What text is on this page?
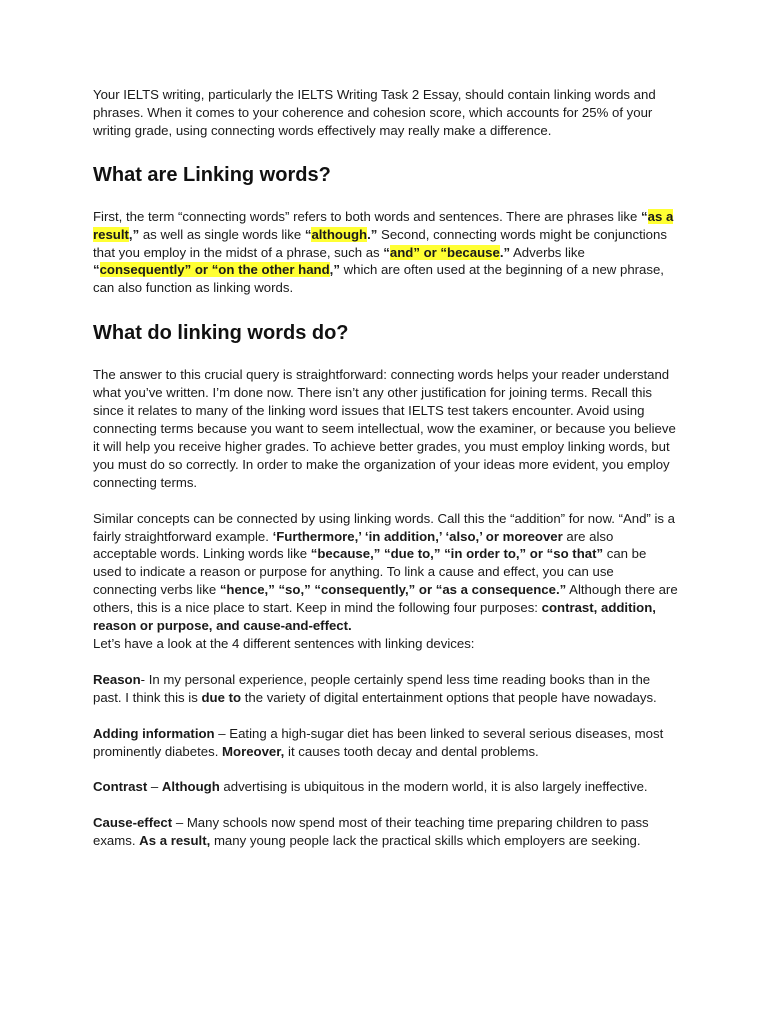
Your IELTS writing, particularly the IELTS Writing Task 2 Essay, should contain linking words and phrases. When it comes to your coherence and cohesion score, which accounts for 25% of your writing grade, using connecting words effectively may really make a difference.

What are Linking words?

First, the term “connecting words” refers to both words and sentences. There are phrases like “as a result,” as well as single words like “although.” Second, connecting words might be conjunctions that you employ in the midst of a phrase, such as “and” or “because.” Adverbs like “consequently” or “on the other hand,” which are often used at the beginning of a new phrase, can also function as linking words.

What do linking words do?

The answer to this crucial query is straightforward: connecting words helps your reader understand what you’ve written. I’m done now. There isn’t any other justification for joining terms. Recall this since it relates to many of the linking word issues that IELTS test takers encounter. Avoid using connecting terms because you want to seem intellectual, wow the examiner, or because you believe it will help you receive higher grades. To achieve better grades, you must employ linking words, but you must do so correctly. In order to make the organization of your ideas more evident, you employ connecting terms.

Similar concepts can be connected by using linking words. Call this the “addition” for now. “And” is a fairly straightforward example. ‘Furthermore,’ ‘in addition,’ ‘also,’ or moreover are also acceptable words. Linking words like “because,” “due to,” “in order to,” or “so that” can be used to indicate a reason or purpose for anything. To link a cause and effect, you can use connecting verbs like “hence,” “so,” “consequently,” or “as a consequence.” Although there are others, this is a nice place to start. Keep in mind the following four purposes: contrast, addition, reason or purpose, and cause-and-effect.
Let’s have a look at the 4 different sentences with linking devices:

Reason- In my personal experience, people certainly spend less time reading books than in the past. I think this is due to the variety of digital entertainment options that people have nowadays.

Adding information – Eating a high-sugar diet has been linked to several serious diseases, most prominently diabetes. Moreover, it causes tooth decay and dental problems.

Contrast – Although advertising is ubiquitous in the modern world, it is also largely ineffective.

Cause-effect – Many schools now spend most of their teaching time preparing children to pass exams. As a result, many young people lack the practical skills which employers are seeking.
